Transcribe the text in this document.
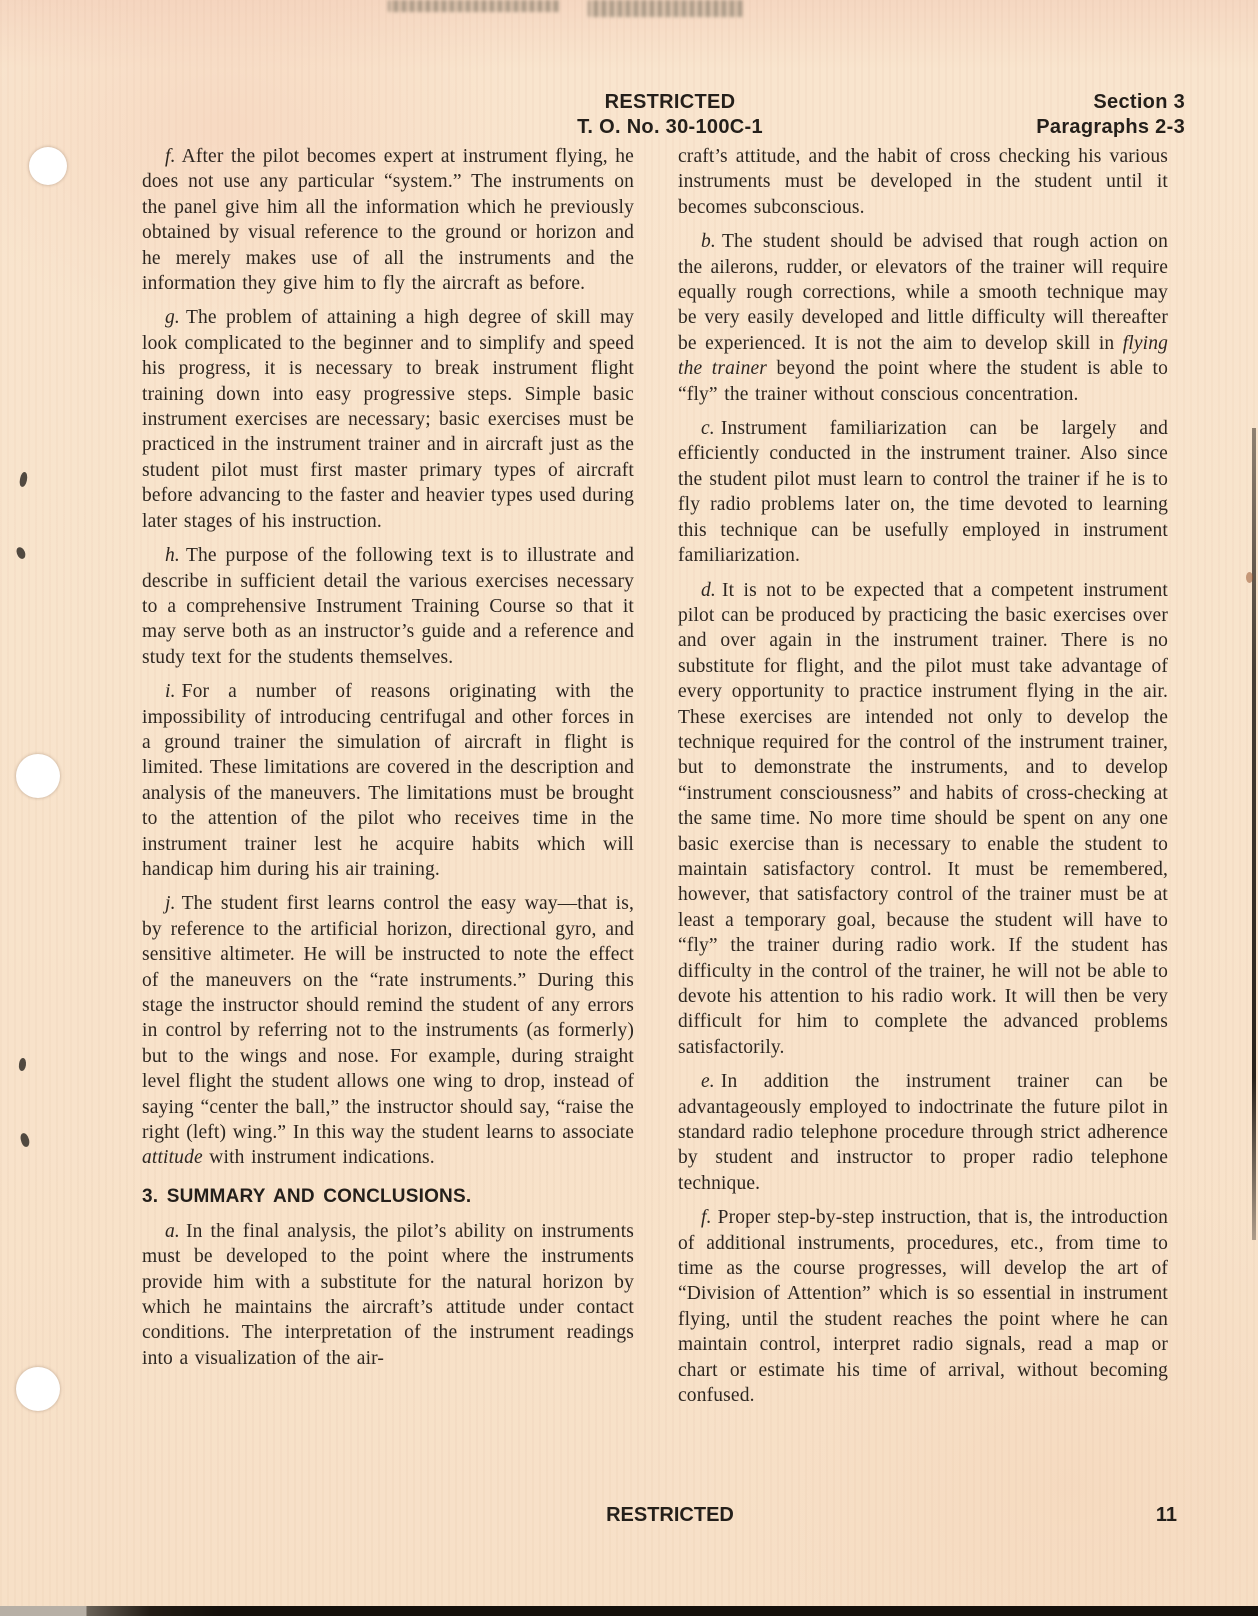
RESTRICTED
T. O. No. 30-100C-1
Section 3
Paragraphs 2-3

f. After the pilot becomes expert at instrument flying, he does not use any particular “system.” The instruments on the panel give him all the information which he previously obtained by visual reference to the ground or horizon and he merely makes use of all the instruments and the information they give him to fly the aircraft as before.

g. The problem of attaining a high degree of skill may look complicated to the beginner and to simplify and speed his progress, it is necessary to break instrument flight training down into easy progressive steps. Simple basic instrument exercises are necessary; basic exercises must be practiced in the instrument trainer and in aircraft just as the student pilot must first master primary types of aircraft before advancing to the faster and heavier types used during later stages of his instruction.

h. The purpose of the following text is to illustrate and describe in sufficient detail the various exercises necessary to a comprehensive Instrument Training Course so that it may serve both as an instructor’s guide and a reference and study text for the students themselves.

i. For a number of reasons originating with the impossibility of introducing centrifugal and other forces in a ground trainer the simulation of aircraft in flight is limited. These limitations are covered in the description and analysis of the maneuvers. The limitations must be brought to the attention of the pilot who receives time in the instrument trainer lest he acquire habits which will handicap him during his air training.

j. The student first learns control the easy way—that is, by reference to the artificial horizon, directional gyro, and sensitive altimeter. He will be instructed to note the effect of the maneuvers on the “rate instruments.” During this stage the instructor should remind the student of any errors in control by referring not to the instruments (as formerly) but to the wings and nose. For example, during straight level flight the student allows one wing to drop, instead of saying “center the ball,” the instructor should say, “raise the right (left) wing.” In this way the student learns to associate attitude with instrument indications.

3. SUMMARY AND CONCLUSIONS.

a. In the final analysis, the pilot’s ability on instruments must be developed to the point where the instruments provide him with a substitute for the natural horizon by which he maintains the aircraft’s attitude under contact conditions. The interpretation of the instrument readings into a visualization of the air-

craft’s attitude, and the habit of cross checking his various instruments must be developed in the student until it becomes subconscious.

b. The student should be advised that rough action on the ailerons, rudder, or elevators of the trainer will require equally rough corrections, while a smooth technique may be very easily developed and little difficulty will thereafter be experienced. It is not the aim to develop skill in flying the trainer beyond the point where the student is able to “fly” the trainer without conscious concentration.

c. Instrument familiarization can be largely and efficiently conducted in the instrument trainer. Also since the student pilot must learn to control the trainer if he is to fly radio problems later on, the time devoted to learning this technique can be usefully employed in instrument familiarization.

d. It is not to be expected that a competent instrument pilot can be produced by practicing the basic exercises over and over again in the instrument trainer. There is no substitute for flight, and the pilot must take advantage of every opportunity to practice instrument flying in the air. These exercises are intended not only to develop the technique required for the control of the instrument trainer, but to demonstrate the instruments, and to develop “instrument consciousness” and habits of cross-checking at the same time. No more time should be spent on any one basic exercise than is necessary to enable the student to maintain satisfactory control. It must be remembered, however, that satisfactory control of the trainer must be at least a temporary goal, because the student will have to “fly” the trainer during radio work. If the student has difficulty in the control of the trainer, he will not be able to devote his attention to his radio work. It will then be very difficult for him to complete the advanced problems satisfactorily.

e. In addition the instrument trainer can be advantageously employed to indoctrinate the future pilot in standard radio telephone procedure through strict adherence by student and instructor to proper radio telephone technique.

f. Proper step-by-step instruction, that is, the introduction of additional instruments, procedures, etc., from time to time as the course progresses, will develop the art of “Division of Attention” which is so essential in instrument flying, until the student reaches the point where he can maintain control, interpret radio signals, read a map or chart or estimate his time of arrival, without becoming confused.

RESTRICTED	11
